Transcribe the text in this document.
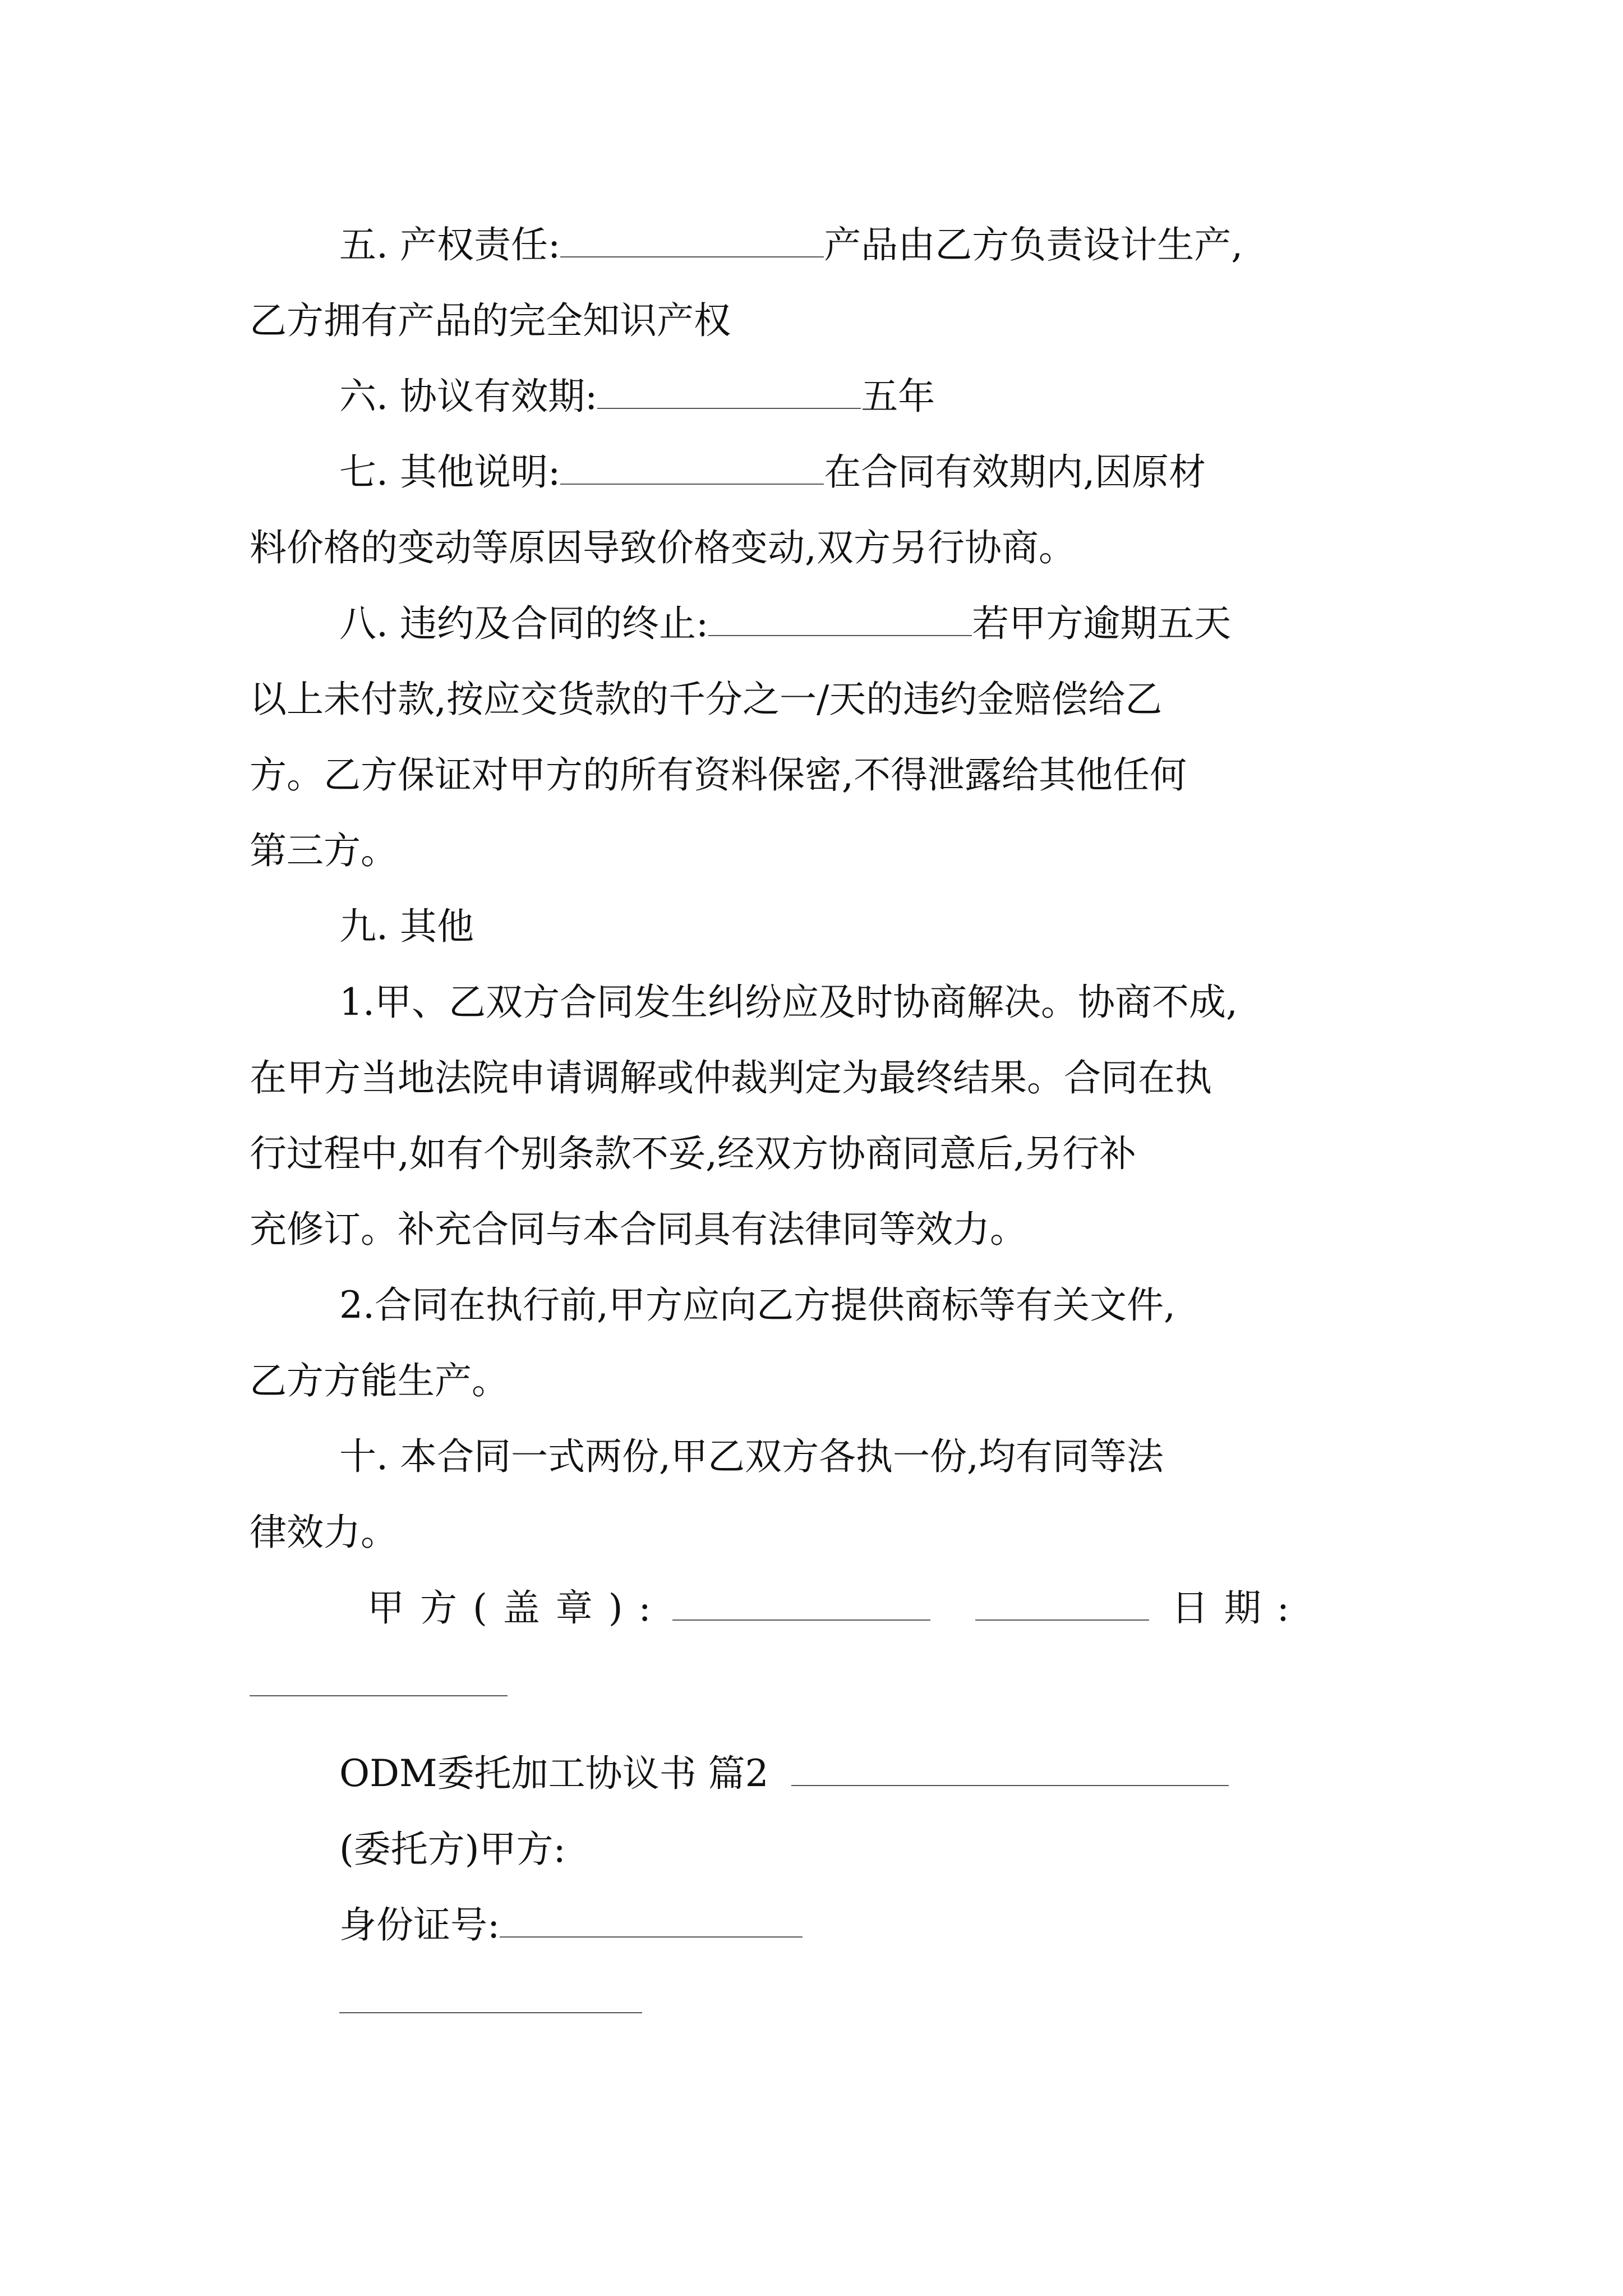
五. 产权责任:	产品由乙方负责设计生产,
乙方拥有产品的完全知识产权
六. 协议有效期:	五年
七. 其他说明:	在合同有效期内,因原材
料价格的变动等原因导致价格变动,双方另行协商。
八. 违约及合同的终止:	若甲方逾期五天
以上未付款,按应交货款的千分之一/天的违约金赔偿给乙
方。乙方保证对甲方的所有资料保密,不得泄露给其他任何
第三方。
九. 其他
1.甲、乙双方合同发生纠纷应及时协商解决。协商不成,
在甲方当地法院申请调解或仲裁判定为最终结果。合同在执
行过程中,如有个别条款不妥,经双方协商同意后,另行补
充修订。补充合同与本合同具有法律同等效力。
2.合同在执行前,甲方应向乙方提供商标等有关文件,
乙方方能生产。
十. 本合同一式两份,甲乙双方各执一份,均有同等法
律效力。
甲方(盖章):	日期:
ODM委托加工协议书 篇2
(委托方)甲方:
身份证号:
